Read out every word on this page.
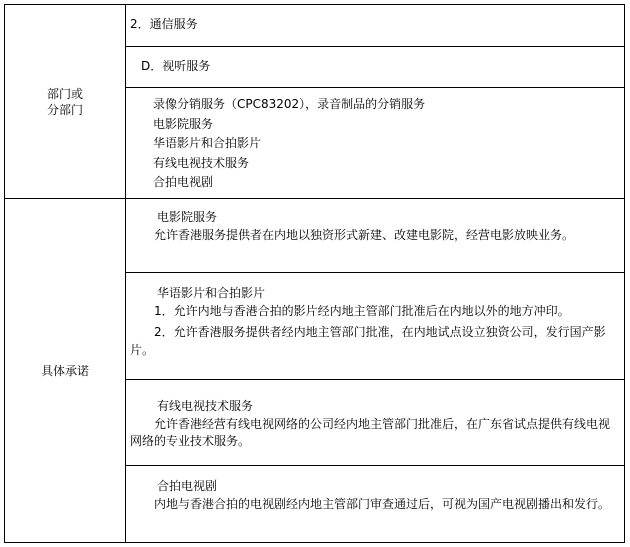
部门或
分部门
具体承诺
2．通信服务
D．视听服务
录像分销服务（CPC83202），录音制品的分销服务
电影院服务
华语影片和合拍影片
有线电视技术服务
合拍电视剧
电影院服务
允许香港服务提供者在内地以独资形式新建、改建电影院，经营电影放映业务。
华语影片和合拍影片
1．允许内地与香港合拍的影片经内地主管部门批准后在内地以外的地方冲印。
2．允许香港服务提供者经内地主管部门批准，在内地试点设立独资公司，发行国产影片。
有线电视技术服务
允许香港经营有线电视网络的公司经内地主管部门批准后，在广东省试点提供有线电视网络的专业技术服务。
合拍电视剧
内地与香港合拍的电视剧经内地主管部门审查通过后，可视为国产电视剧播出和发行。
